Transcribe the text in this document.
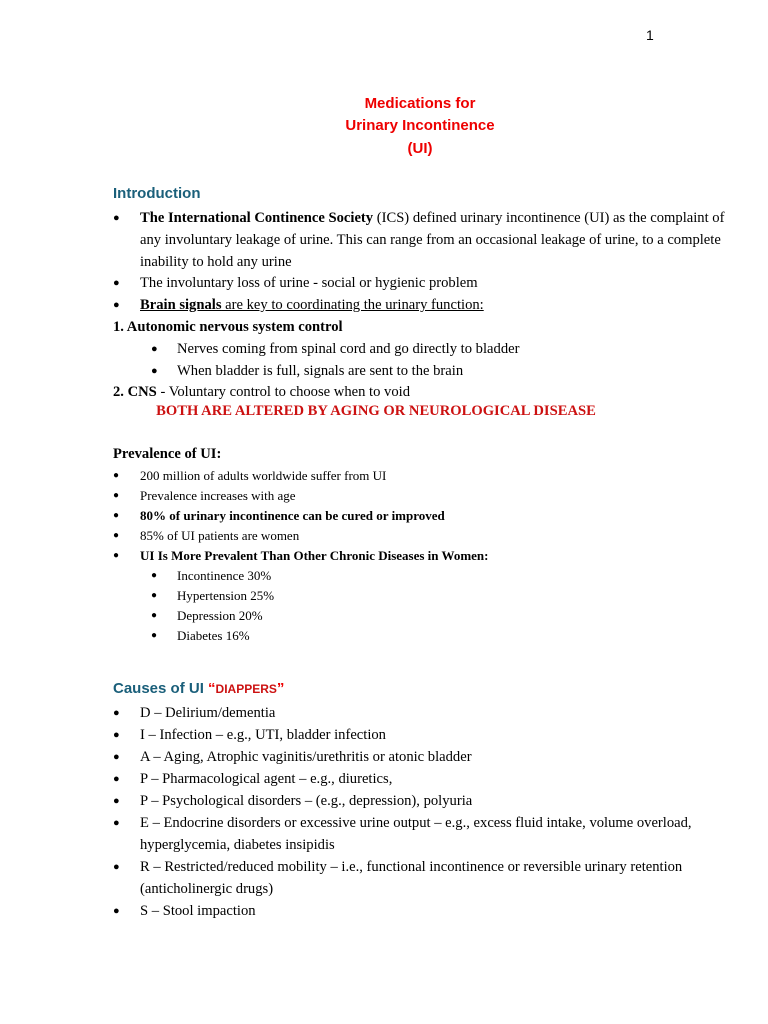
1
Medications for
Urinary Incontinence
(UI)
Introduction
● The International Continence Society (ICS) defined urinary incontinence (UI) as the complaint of any involuntary leakage of urine. This can range from an occasional leakage of urine, to a complete inability to hold any urine
● The involuntary loss of urine - social or hygienic problem
● Brain signals are key to coordinating the urinary function:
1. Autonomic nervous system control
● Nerves coming from spinal cord and go directly to bladder
● When bladder is full, signals are sent to the brain
2. CNS - Voluntary control to choose when to void
BOTH ARE ALTERED BY AGING OR NEUROLOGICAL DISEASE
Prevalence of UI:
● 200 million of adults worldwide suffer from UI
● Prevalence increases with age
● 80% of urinary incontinence can be cured or improved
● 85% of UI patients are women
● UI Is More Prevalent Than Other Chronic Diseases in Women:
● Incontinence 30%
● Hypertension 25%
● Depression 20%
● Diabetes 16%
Causes of UI “DIAPPERS”
● D – Delirium/dementia
● I – Infection – e.g., UTI, bladder infection
● A – Aging, Atrophic vaginitis/urethritis or atonic bladder
● P – Pharmacological agent – e.g., diuretics,
● P – Psychological disorders – (e.g., depression), polyuria
● E – Endocrine disorders or excessive urine output – e.g., excess fluid intake, volume overload, hyperglycemia, diabetes insipidis
● R – Restricted/reduced mobility – i.e., functional incontinence or reversible urinary retention (anticholinergic drugs)
● S – Stool impaction
